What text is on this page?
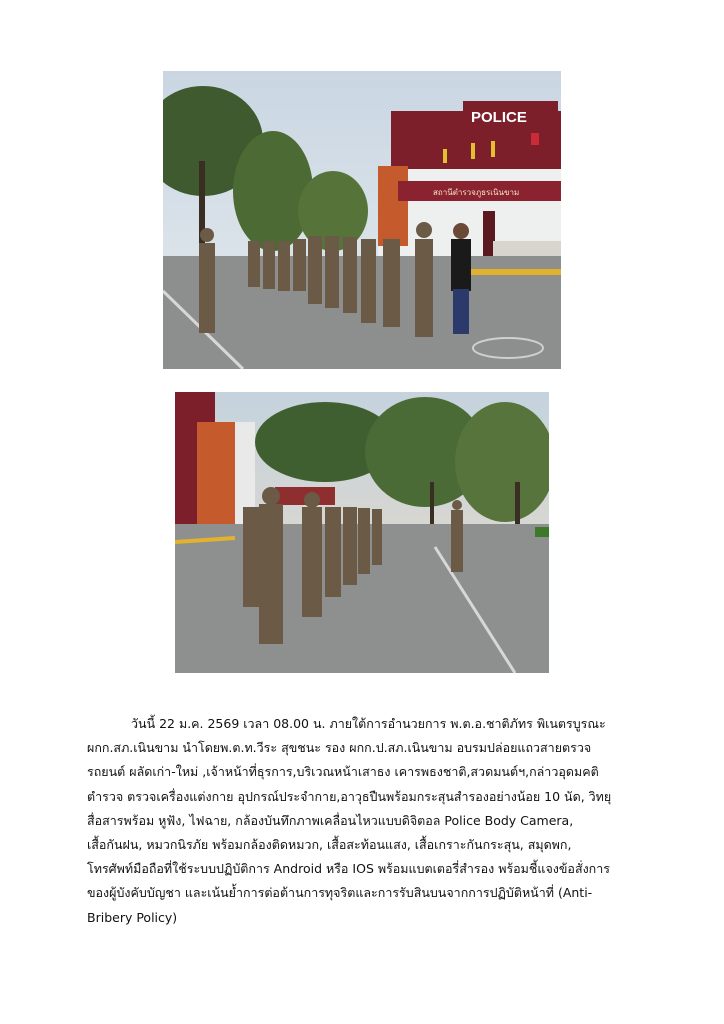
POLICE
สถานีตำรวจภูธรเนินขาม
วันนี้ 22 ม.ค. 2569 เวลา 08.00 น. ภายใต้การอำนวยการ พ.ต.อ.ชาติภัทร พิเนตรบูรณะ
ผกก.สภ.เนินขาม นำโดยพ.ต.ท.วีระ สุขชนะ รอง ผกก.ป.สภ.เนินขาม อบรมปล่อยแถวสายตรวจ
รถยนต์ ผลัดเก่า-ใหม่ ,เจ้าหน้าที่ธุรการ,บริเวณหน้าเสาธง เคารพธงชาติ,สวดมนต์ฯ,กล่าวอุดมคติ
ตำรวจ ตรวจเครื่องแต่งกาย อุปกรณ์ประจำกาย,อาวุธปืนพร้อมกระสุนสำรองอย่างน้อย 10 นัด, วิทยุ
สื่อสารพร้อม หูฟัง, ไฟฉาย, กล้องบันทึกภาพเคลื่อนไหวแบบดิจิตอล Police Body Camera,
เสื้อกันฝน, หมวกนิรภัย พร้อมกล้องติดหมวก, เสื้อสะท้อนแสง, เสื้อเกราะกันกระสุน, สมุดพก,
โทรศัพท์มือถือที่ใช้ระบบปฏิบัติการ Android หรือ IOS พร้อมแบตเตอรี่สำรอง พร้อมชี้แจงข้อสั่งการ
ของผู้บังคับบัญชา และเน้นย้ำการต่อต้านการทุจริตและการรับสินบนจากการปฏิบัติหน้าที่ (Anti-
Bribery Policy)
